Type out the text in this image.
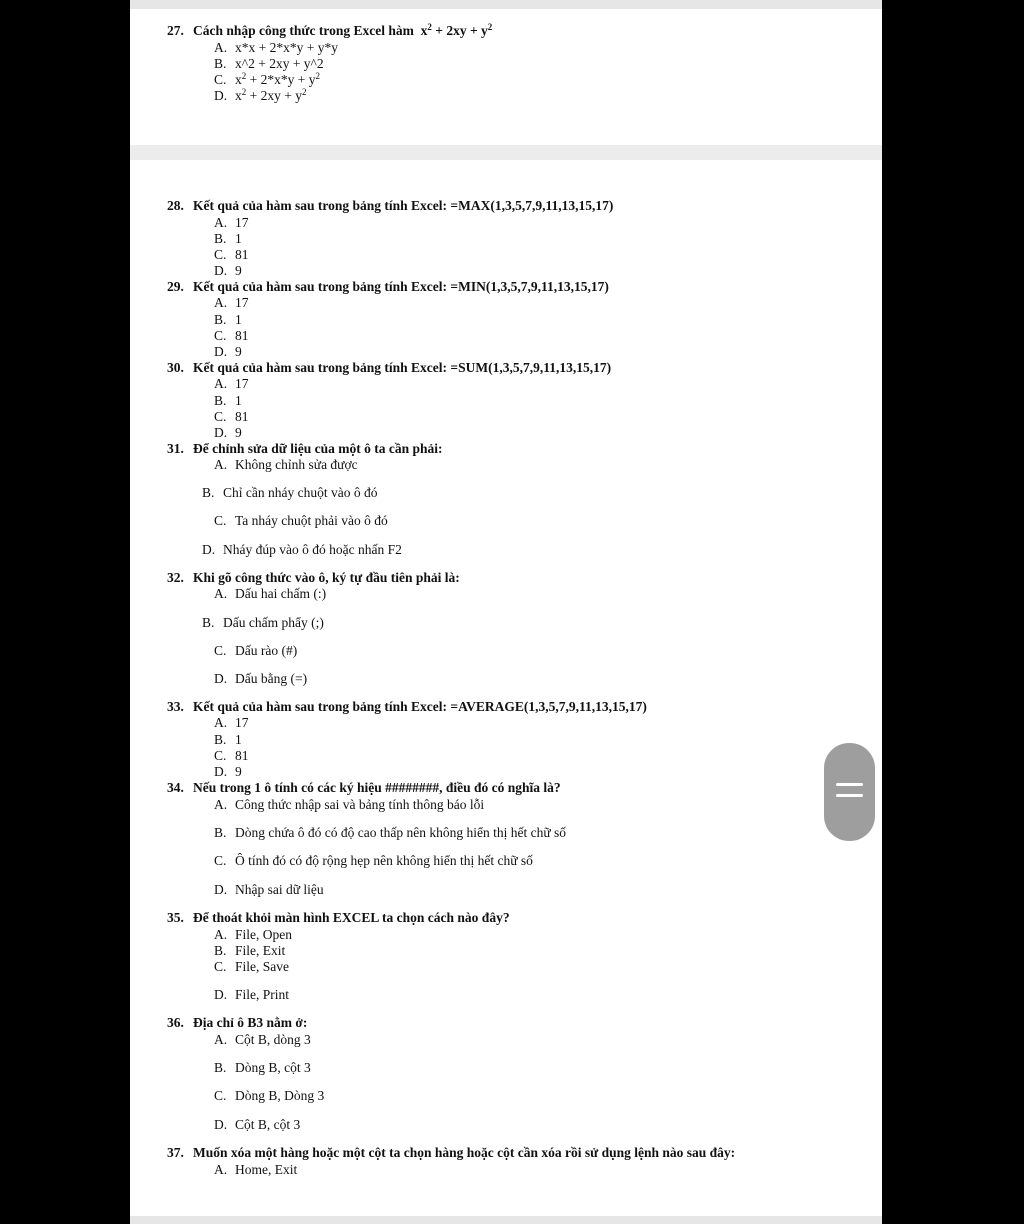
27. Cách nhập công thức trong Excel hàm $x^2 + 2xy + y^2$
A. x*x + 2*x*y + y*y
B. x^2 + 2xy + y^2
C. $x^2 + 2*x*y + y^2$
D. $x^2 + 2xy + y^2$
28. Kết quả của hàm sau trong bảng tính Excel: =MAX(1,3,5,7,9,11,13,15,17)
A. 17
B. 1
C. 81
D. 9
29. Kết quả của hàm sau trong bảng tính Excel: =MIN(1,3,5,7,9,11,13,15,17)
A. 17
B. 1
C. 81
D. 9
30. Kết quả của hàm sau trong bảng tính Excel: =SUM(1,3,5,7,9,11,13,15,17)
A. 17
B. 1
C. 81
D. 9
31. Để chỉnh sửa dữ liệu của một ô ta cần phải:
A. Không chỉnh sửa được
B. Chỉ cần nháy chuột vào ô đó
C. Ta nháy chuột phải vào ô đó
D. Nháy đúp vào ô đó hoặc nhấn F2
32. Khi gõ công thức vào ô, ký tự đầu tiên phải là:
A. Dấu hai chấm (:)
B. Dấu chấm phẩy (;)
C. Dấu rào (#)
D. Dấu bằng (=)
33. Kết quả của hàm sau trong bảng tính Excel: =AVERAGE(1,3,5,7,9,11,13,15,17)
A. 17
B. 1
C. 81
D. 9
34. Nếu trong 1 ô tính có các ký hiệu ########, điều đó có nghĩa là?
A. Công thức nhập sai và bảng tính thông báo lỗi
B. Dòng chứa ô đó có độ cao thấp nên không hiển thị hết chữ số
C. Ô tính đó có độ rộng hẹp nên không hiển thị hết chữ số
D. Nhập sai dữ liệu
35. Để thoát khỏi màn hình EXCEL ta chọn cách nào đây?
A. File, Open
B. File, Exit
C. File, Save
D. File, Print
36. Địa chỉ ô B3 nằm ở:
A. Cột B, dòng 3
B. Dòng B, cột 3
C. Dòng B, Dòng 3
D. Cột B, cột 3
37. Muốn xóa một hàng hoặc một cột ta chọn hàng hoặc cột cần xóa rồi sử dụng lệnh nào sau đây:
A. Home, Exit
